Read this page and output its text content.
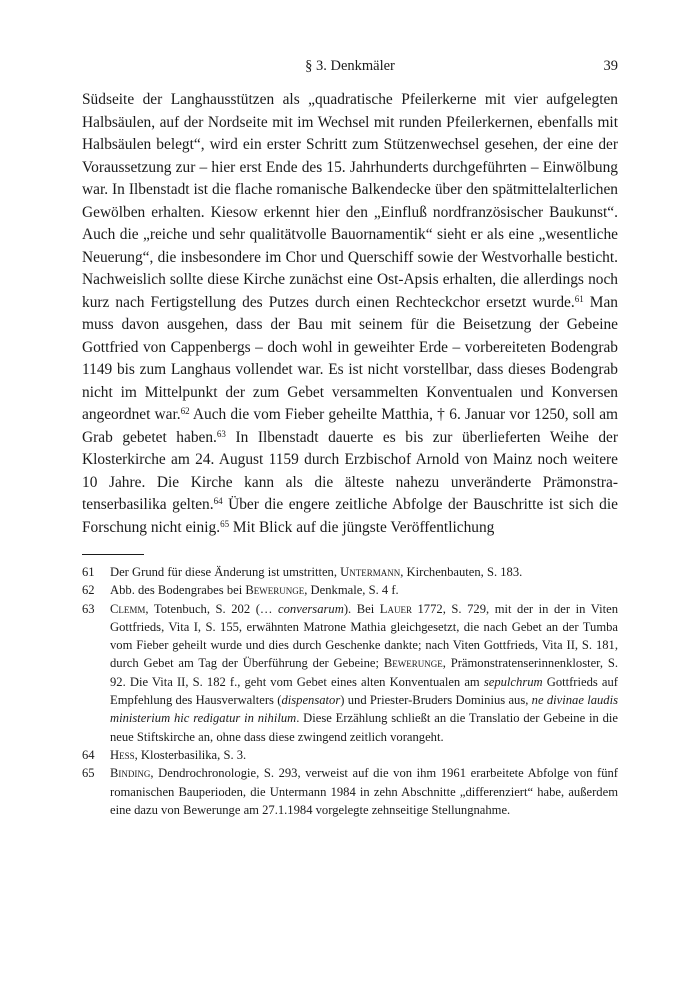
§ 3. Denkmäler	39

Südseite der Langhausstützen als „quadratische Pfeilerkerne mit vier aufgelegten Halbsäulen, auf der Nordseite mit im Wechsel mit runden Pfeilerkernen, ebenfalls mit Halbsäulen belegt“, wird ein erster Schritt zum Stützenwechsel gesehen, der eine der Voraussetzung zur – hier erst Ende des 15. Jahrhunderts durchgeführten – Einwölbung war. In Ilbenstadt ist die flache romanische Balkendecke über den spätmittelalterlichen Gewölben erhalten. Kiesow erkennt hier den „Einfluß nordfranzösischer Baukunst“. Auch die „reiche und sehr qualitätvolle Bauornamentik“ sieht er als eine „wesentliche Neuerung“, die insbesondere im Chor und Querschiff sowie der Westvorhalle besticht. Nachweislich sollte diese Kirche zunächst eine Ost-Apsis erhalten, die allerdings noch kurz nach Fertigstellung des Putzes durch einen Rechteckchor ersetzt wurde.$^{61}$ Man muss davon ausgehen, dass der Bau mit seinem für die Beisetzung der Gebeine Gottfried von Cappenbergs – doch wohl in geweihter Erde – vorbereiteten Bodengrab 1149 bis zum Langhaus vollendet war. Es ist nicht vorstellbar, dass dieses Bodengrab nicht im Mittelpunkt der zum Gebet versammelten Konventualen und Konversen angeordnet war.$^{62}$ Auch die vom Fieber geheilte Matthia, † 6. Januar vor 1250, soll am Grab gebetet haben.$^{63}$ In Ilbenstadt dauerte es bis zur überlieferten Weihe der Klosterkirche am 24. August 1159 durch Erzbischof Arnold von Mainz noch weitere 10 Jahre. Die Kirche kann als die älteste nahezu unveränderte Prämonstratenserbasilika gelten.$^{64}$ Über die engere zeitliche Abfolge der Bauschritte ist sich die Forschung nicht einig.$^{65}$ Mit Blick auf die jüngste Veröffentlichung

61	Der Grund für diese Änderung ist umstritten, Untermann, Kirchenbauten, S. 183.
62	Abb. des Bodengrabes bei Bewerunge, Denkmale, S. 4 f.
63	Clemm, Totenbuch, S. 202 (… conversarum). Bei Lauer 1772, S. 729, mit der in der in Viten Gottfrieds, Vita I, S. 155, erwähnten Matrone Mathia gleichgesetzt, die nach Gebet an der Tumba vom Fieber geheilt wurde und dies durch Geschenke dankte; nach Viten Gottfrieds, Vita II, S. 181, durch Gebet am Tag der Überführung der Gebeine; Bewerunge, Prämonstratenserinnenkloster, S. 92. Die Vita II, S. 182 f., geht vom Gebet eines alten Konventualen am sepulchrum Gottfrieds auf Empfehlung des Hausverwalters (dispensator) und Priester-Bruders Dominius aus, ne divinae laudis ministerium hic redigatur in nihilum. Diese Erzählung schließt an die Translatio der Gebeine in die neue Stiftskirche an, ohne dass diese zwingend zeitlich vorangeht.
64	Hess, Klosterbasilika, S. 3.
65	Binding, Dendrochronologie, S. 293, verweist auf die von ihm 1961 erarbeitete Abfolge von fünf romanischen Bauperioden, die Untermann 1984 in zehn Abschnitte „differenziert“ habe, außerdem eine dazu von Bewerunge am 27.1.1984 vorgelegte zehnseitige Stellungnahme.
